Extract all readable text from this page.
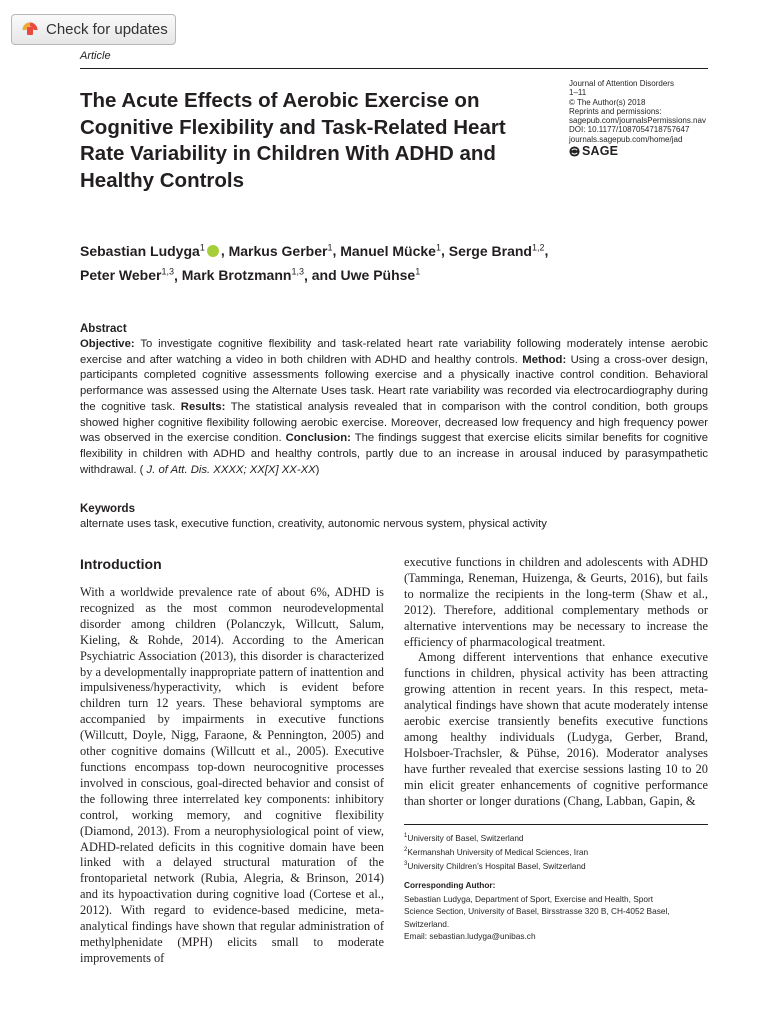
Check for updates
Article
The Acute Effects of Aerobic Exercise on Cognitive Flexibility and Task-Related Heart Rate Variability in Children With ADHD and Healthy Controls
Journal of Attention Disorders
1–11
© The Author(s) 2018
Reprints and permissions:
sagepub.com/journalsPermissions.nav
DOI: 10.1177/1087054718757647
journals.sagepub.com/home/jad
SAGE

Sebastian Ludyga$^1$ , Markus Gerber$^1$, Manuel Mücke$^1$, Serge Brand$^{1,2}$,
Peter Weber$^{1,3}$, Mark Brotzmann$^{1,3}$, and Uwe Pühse$^1$

Abstract

Objective: To investigate cognitive flexibility and task-related heart rate variability following moderately intense aerobic exercise and after watching a video in both children with ADHD and healthy controls. Method: Using a cross-over design, participants completed cognitive assessments following exercise and a physically inactive control condition. Behavioral performance was assessed using the Alternate Uses task. Heart rate variability was recorded via electrocardiography during the cognitive task. Results: The statistical analysis revealed that in comparison with the control condition, both groups showed higher cognitive flexibility following aerobic exercise. Moreover, decreased low frequency and high frequency power was observed in the exercise condition. Conclusion: The findings suggest that exercise elicits similar benefits for cognitive flexibility in children with ADHD and healthy controls, partly due to an increase in arousal induced by parasympathetic withdrawal. ( J. of Att. Dis. XXXX; XX[X] XX-XX)

Keywords
alternate uses task, executive function, creativity, autonomic nervous system, physical activity
Introduction

With a worldwide prevalence rate of about 6%, ADHD is recognized as the most common neurodevelopmental disorder among children (Polanczyk, Willcutt, Salum, Kieling, & Rohde, 2014). According to the American Psychiatric Association (2013), this disorder is characterized by a developmentally inappropriate pattern of inattention and impulsiveness/hyperactivity, which is evident before children turn 12 years. These behavioral symptoms are accompanied by impairments in executive functions (Willcutt, Doyle, Nigg, Faraone, & Pennington, 2005) and other cognitive domains (Willcutt et al., 2005). Executive functions encompass top-down neurocognitive processes involved in conscious, goal-directed behavior and consist of the following three interrelated key components: inhibitory control, working memory, and cognitive flexibility (Diamond, 2013). From a neurophysiological point of view, ADHD-related deficits in this cognitive domain have been linked with a delayed structural maturation of the frontoparietal network (Rubia, Alegria, & Brinson, 2014) and its hypoactivation during cognitive load (Cortese et al., 2012). With regard to evidence-based medicine, meta-analytical findings have shown that regular administration of methylphenidate (MPH) elicits small to moderate improvements of

executive functions in children and adolescents with ADHD (Tamminga, Reneman, Huizenga, & Geurts, 2016), but fails to normalize the recipients in the long-term (Shaw et al., 2012). Therefore, additional complementary methods or alternative interventions may be necessary to increase the efficiency of pharmacological treatment.

Among different interventions that enhance executive functions in children, physical activity has been attracting growing attention in recent years. In this respect, meta-analytical findings have shown that acute moderately intense aerobic exercise transiently benefits executive functions among healthy individuals (Ludyga, Gerber, Brand, Holsboer-Trachsler, & Pühse, 2016). Moderator analyses have further revealed that exercise sessions lasting 10 to 20 min elicit greater enhancements of cognitive performance than shorter or longer durations (Chang, Labban, Gapin, &

$^1$University of Basel, Switzerland
$^2$Kermanshah University of Medical Sciences, Iran
$^3$University Children’s Hospital Basel, Switzerland
Corresponding Author:
Sebastian Ludyga, Department of Sport, Exercise and Health, Sport
Science Section, University of Basel, Birsstrasse 320 B, CH-4052 Basel,
Switzerland.
Email: sebastian.ludyga@unibas.ch
